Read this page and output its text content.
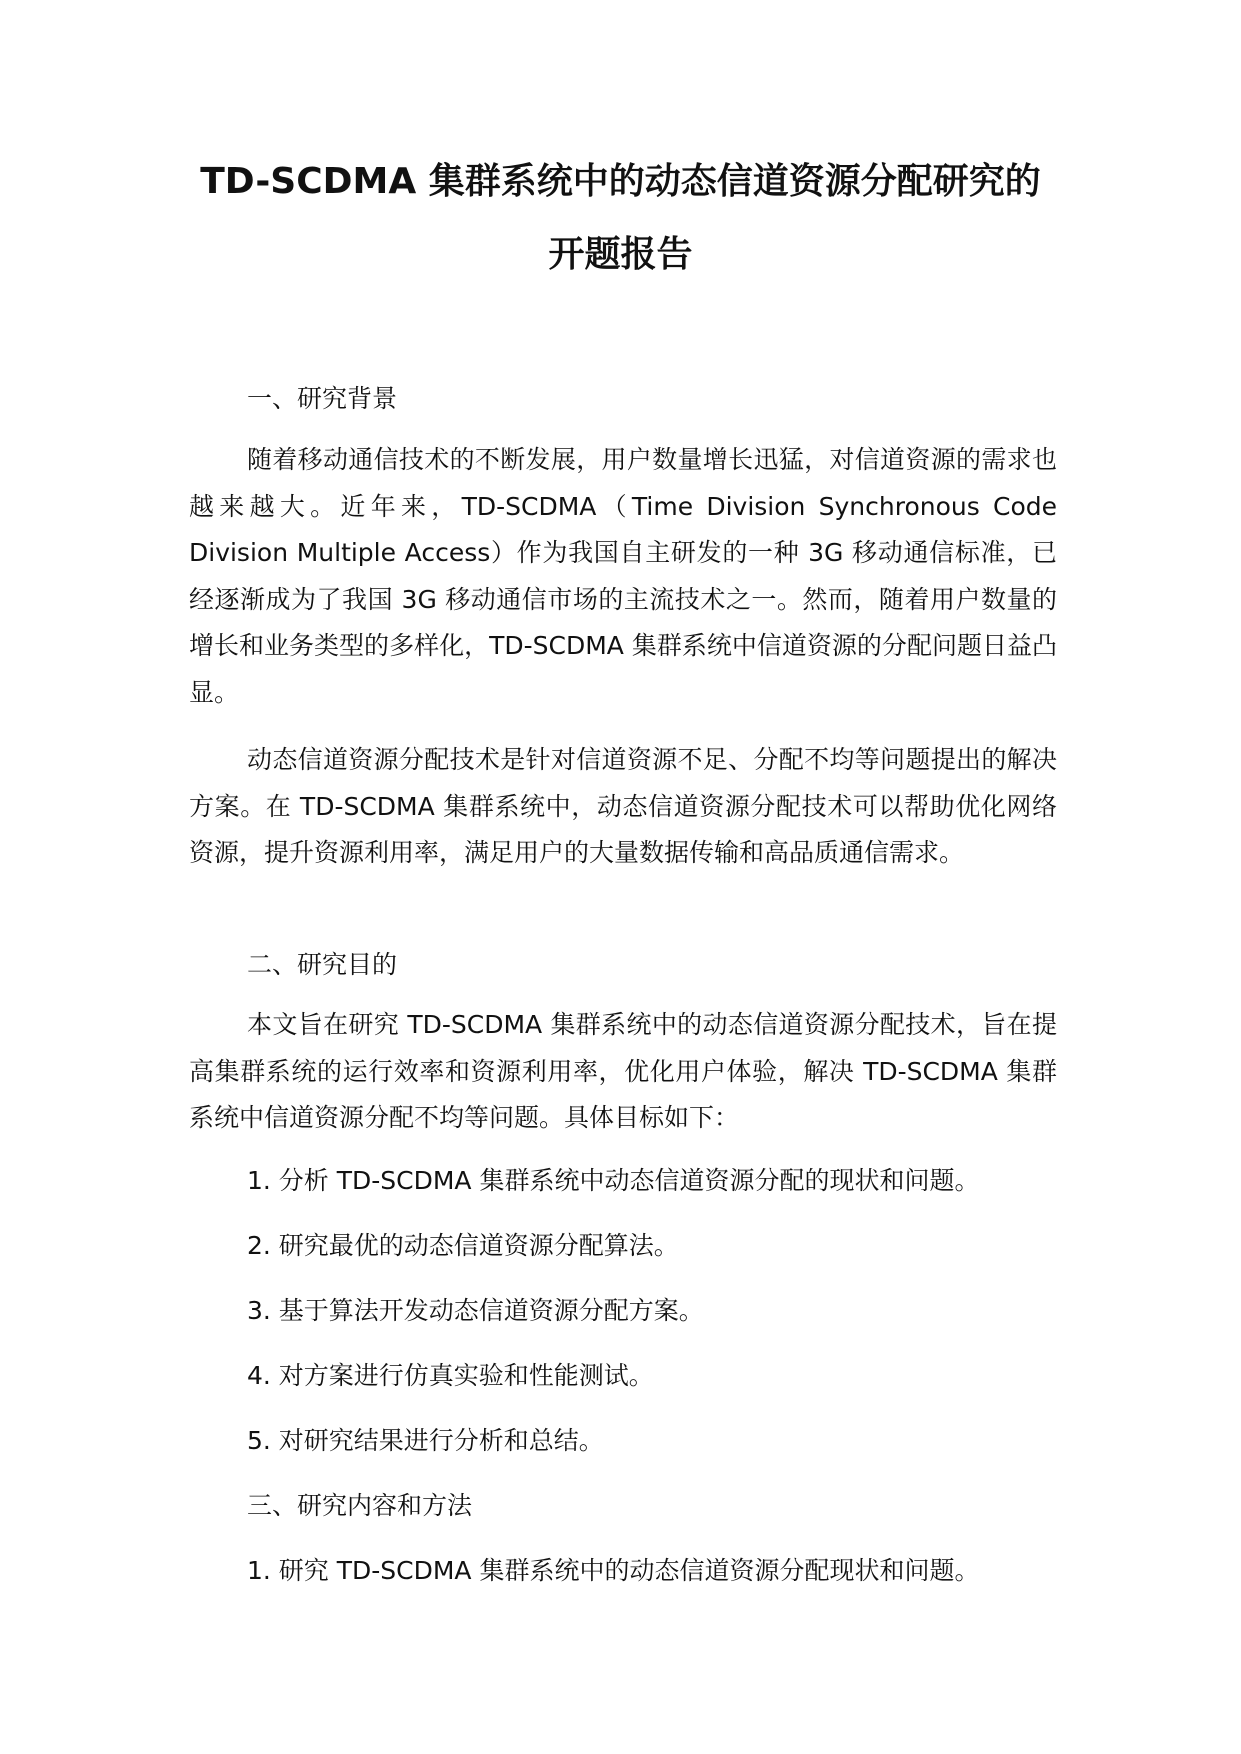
TD-SCDMA 集群系统中的动态信道资源分配研究的
开题报告

一、研究背景

随着移动通信技术的不断发展，用户数量增长迅猛，对信道资源的需求也越来越大。近年来，TD-SCDMA（Time Division Synchronous Code Division Multiple Access）作为我国自主研发的一种 3G 移动通信标准，已经逐渐成为了我国 3G 移动通信市场的主流技术之一。然而，随着用户数量的增长和业务类型的多样化，TD-SCDMA 集群系统中信道资源的分配问题日益凸显。

动态信道资源分配技术是针对信道资源不足、分配不均等问题提出的解决方案。在 TD-SCDMA 集群系统中，动态信道资源分配技术可以帮助优化网络资源，提升资源利用率，满足用户的大量数据传输和高品质通信需求。

二、研究目的

本文旨在研究 TD-SCDMA 集群系统中的动态信道资源分配技术，旨在提高集群系统的运行效率和资源利用率，优化用户体验，解决 TD-SCDMA 集群系统中信道资源分配不均等问题。具体目标如下：

1. 分析 TD-SCDMA 集群系统中动态信道资源分配的现状和问题。

2. 研究最优的动态信道资源分配算法。

3. 基于算法开发动态信道资源分配方案。

4. 对方案进行仿真实验和性能测试。

5. 对研究结果进行分析和总结。

三、研究内容和方法

1. 研究 TD-SCDMA 集群系统中的动态信道资源分配现状和问题。
